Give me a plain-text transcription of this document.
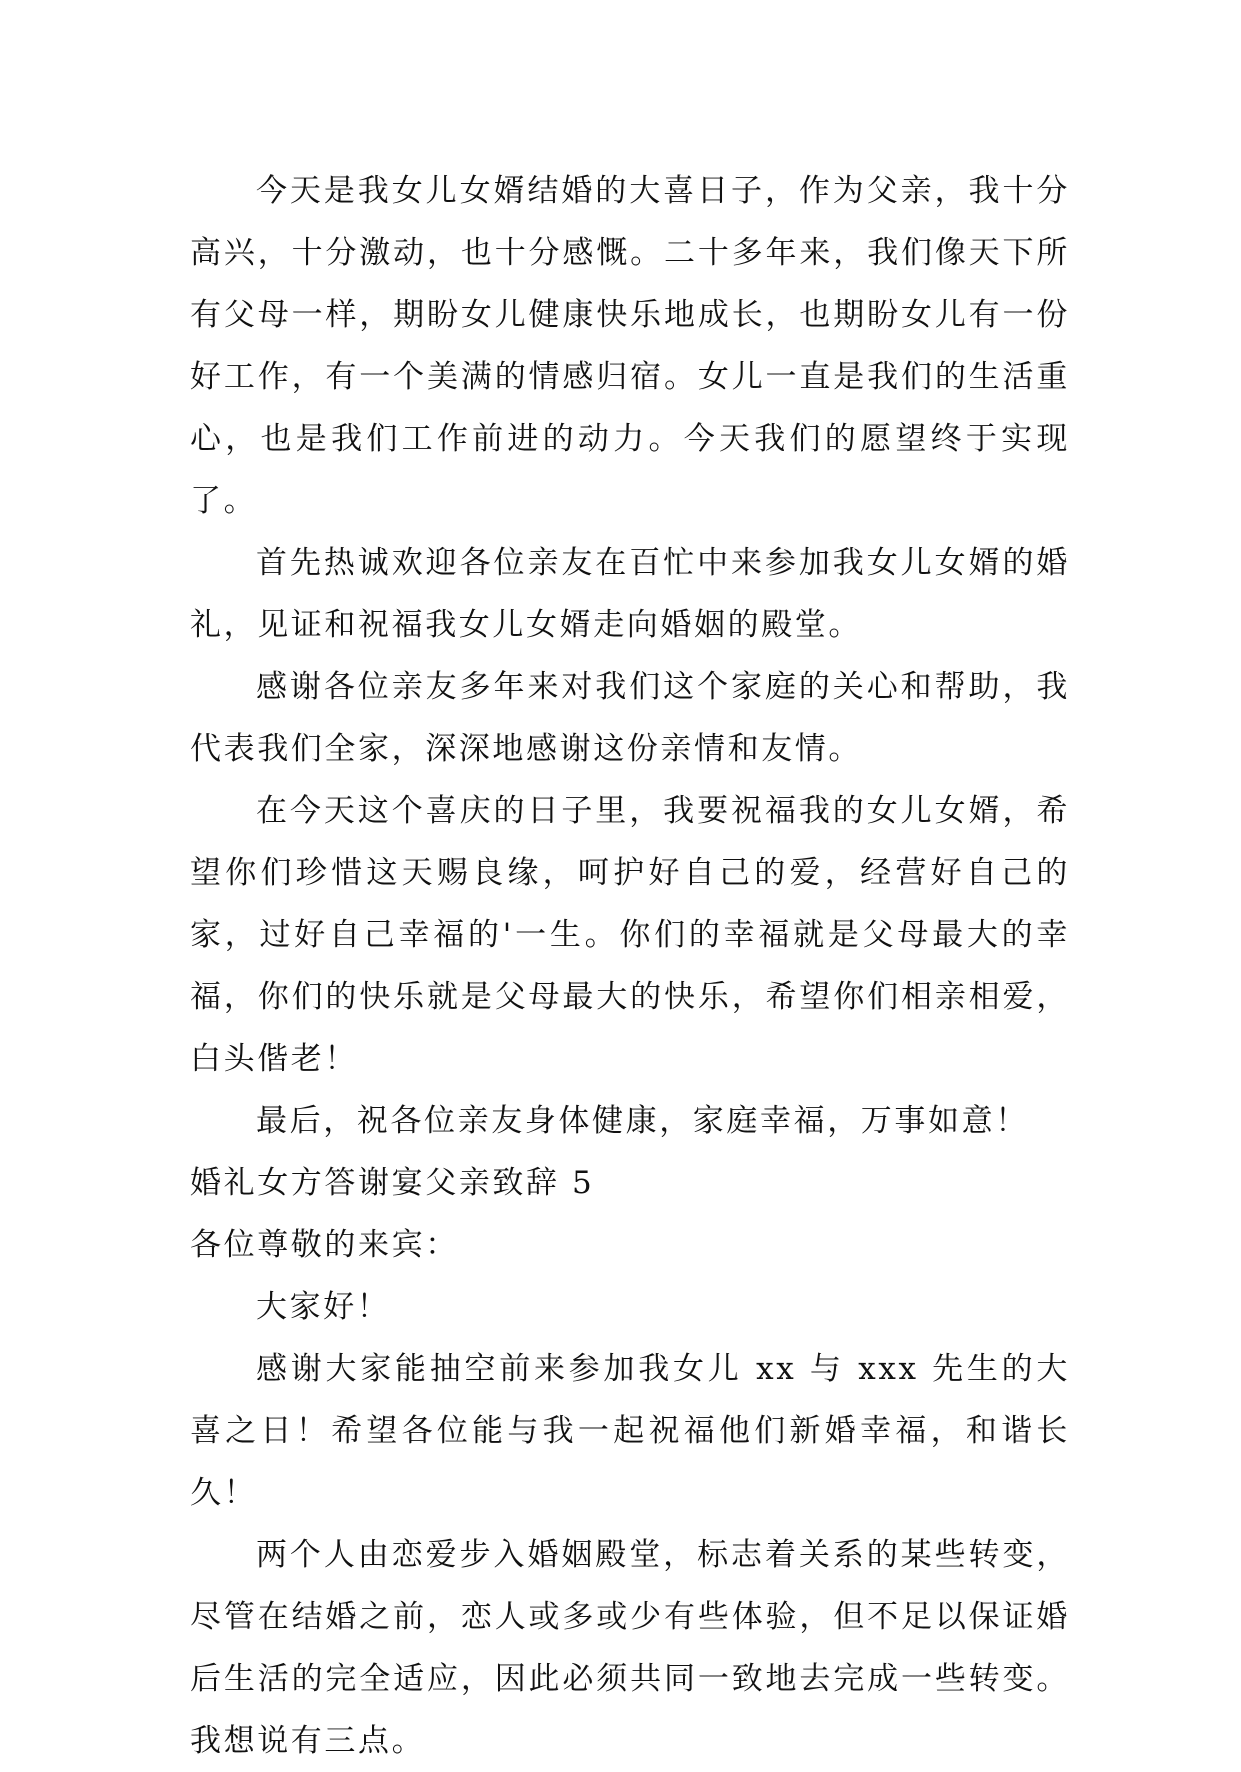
今天是我女儿女婿结婚的大喜日子，作为父亲，我十分高兴，十分激动，也十分感慨。二十多年来，我们像天下所有父母一样，期盼女儿健康快乐地成长，也期盼女儿有一份好工作，有一个美满的情感归宿。女儿一直是我们的生活重心，也是我们工作前进的动力。今天我们的愿望终于实现了。

首先热诚欢迎各位亲友在百忙中来参加我女儿女婿的婚礼，见证和祝福我女儿女婿走向婚姻的殿堂。

感谢各位亲友多年来对我们这个家庭的关心和帮助，我代表我们全家，深深地感谢这份亲情和友情。

在今天这个喜庆的日子里，我要祝福我的女儿女婿，希望你们珍惜这天赐良缘，呵护好自己的爱，经营好自己的家，过好自己幸福的'一生。你们的幸福就是父母最大的幸福，你们的快乐就是父母最大的快乐，希望你们相亲相爱，白头偕老！

最后，祝各位亲友身体健康，家庭幸福，万事如意！

婚礼女方答谢宴父亲致辞 5

各位尊敬的来宾：

大家好！

感谢大家能抽空前来参加我女儿 xx 与 xxx 先生的大喜之日！希望各位能与我一起祝福他们新婚幸福，和谐长久！

两个人由恋爱步入婚姻殿堂，标志着关系的某些转变，尽管在结婚之前，恋人或多或少有些体验，但不足以保证婚后生活的完全适应，因此必须共同一致地去完成一些转变。我想说有三点。
